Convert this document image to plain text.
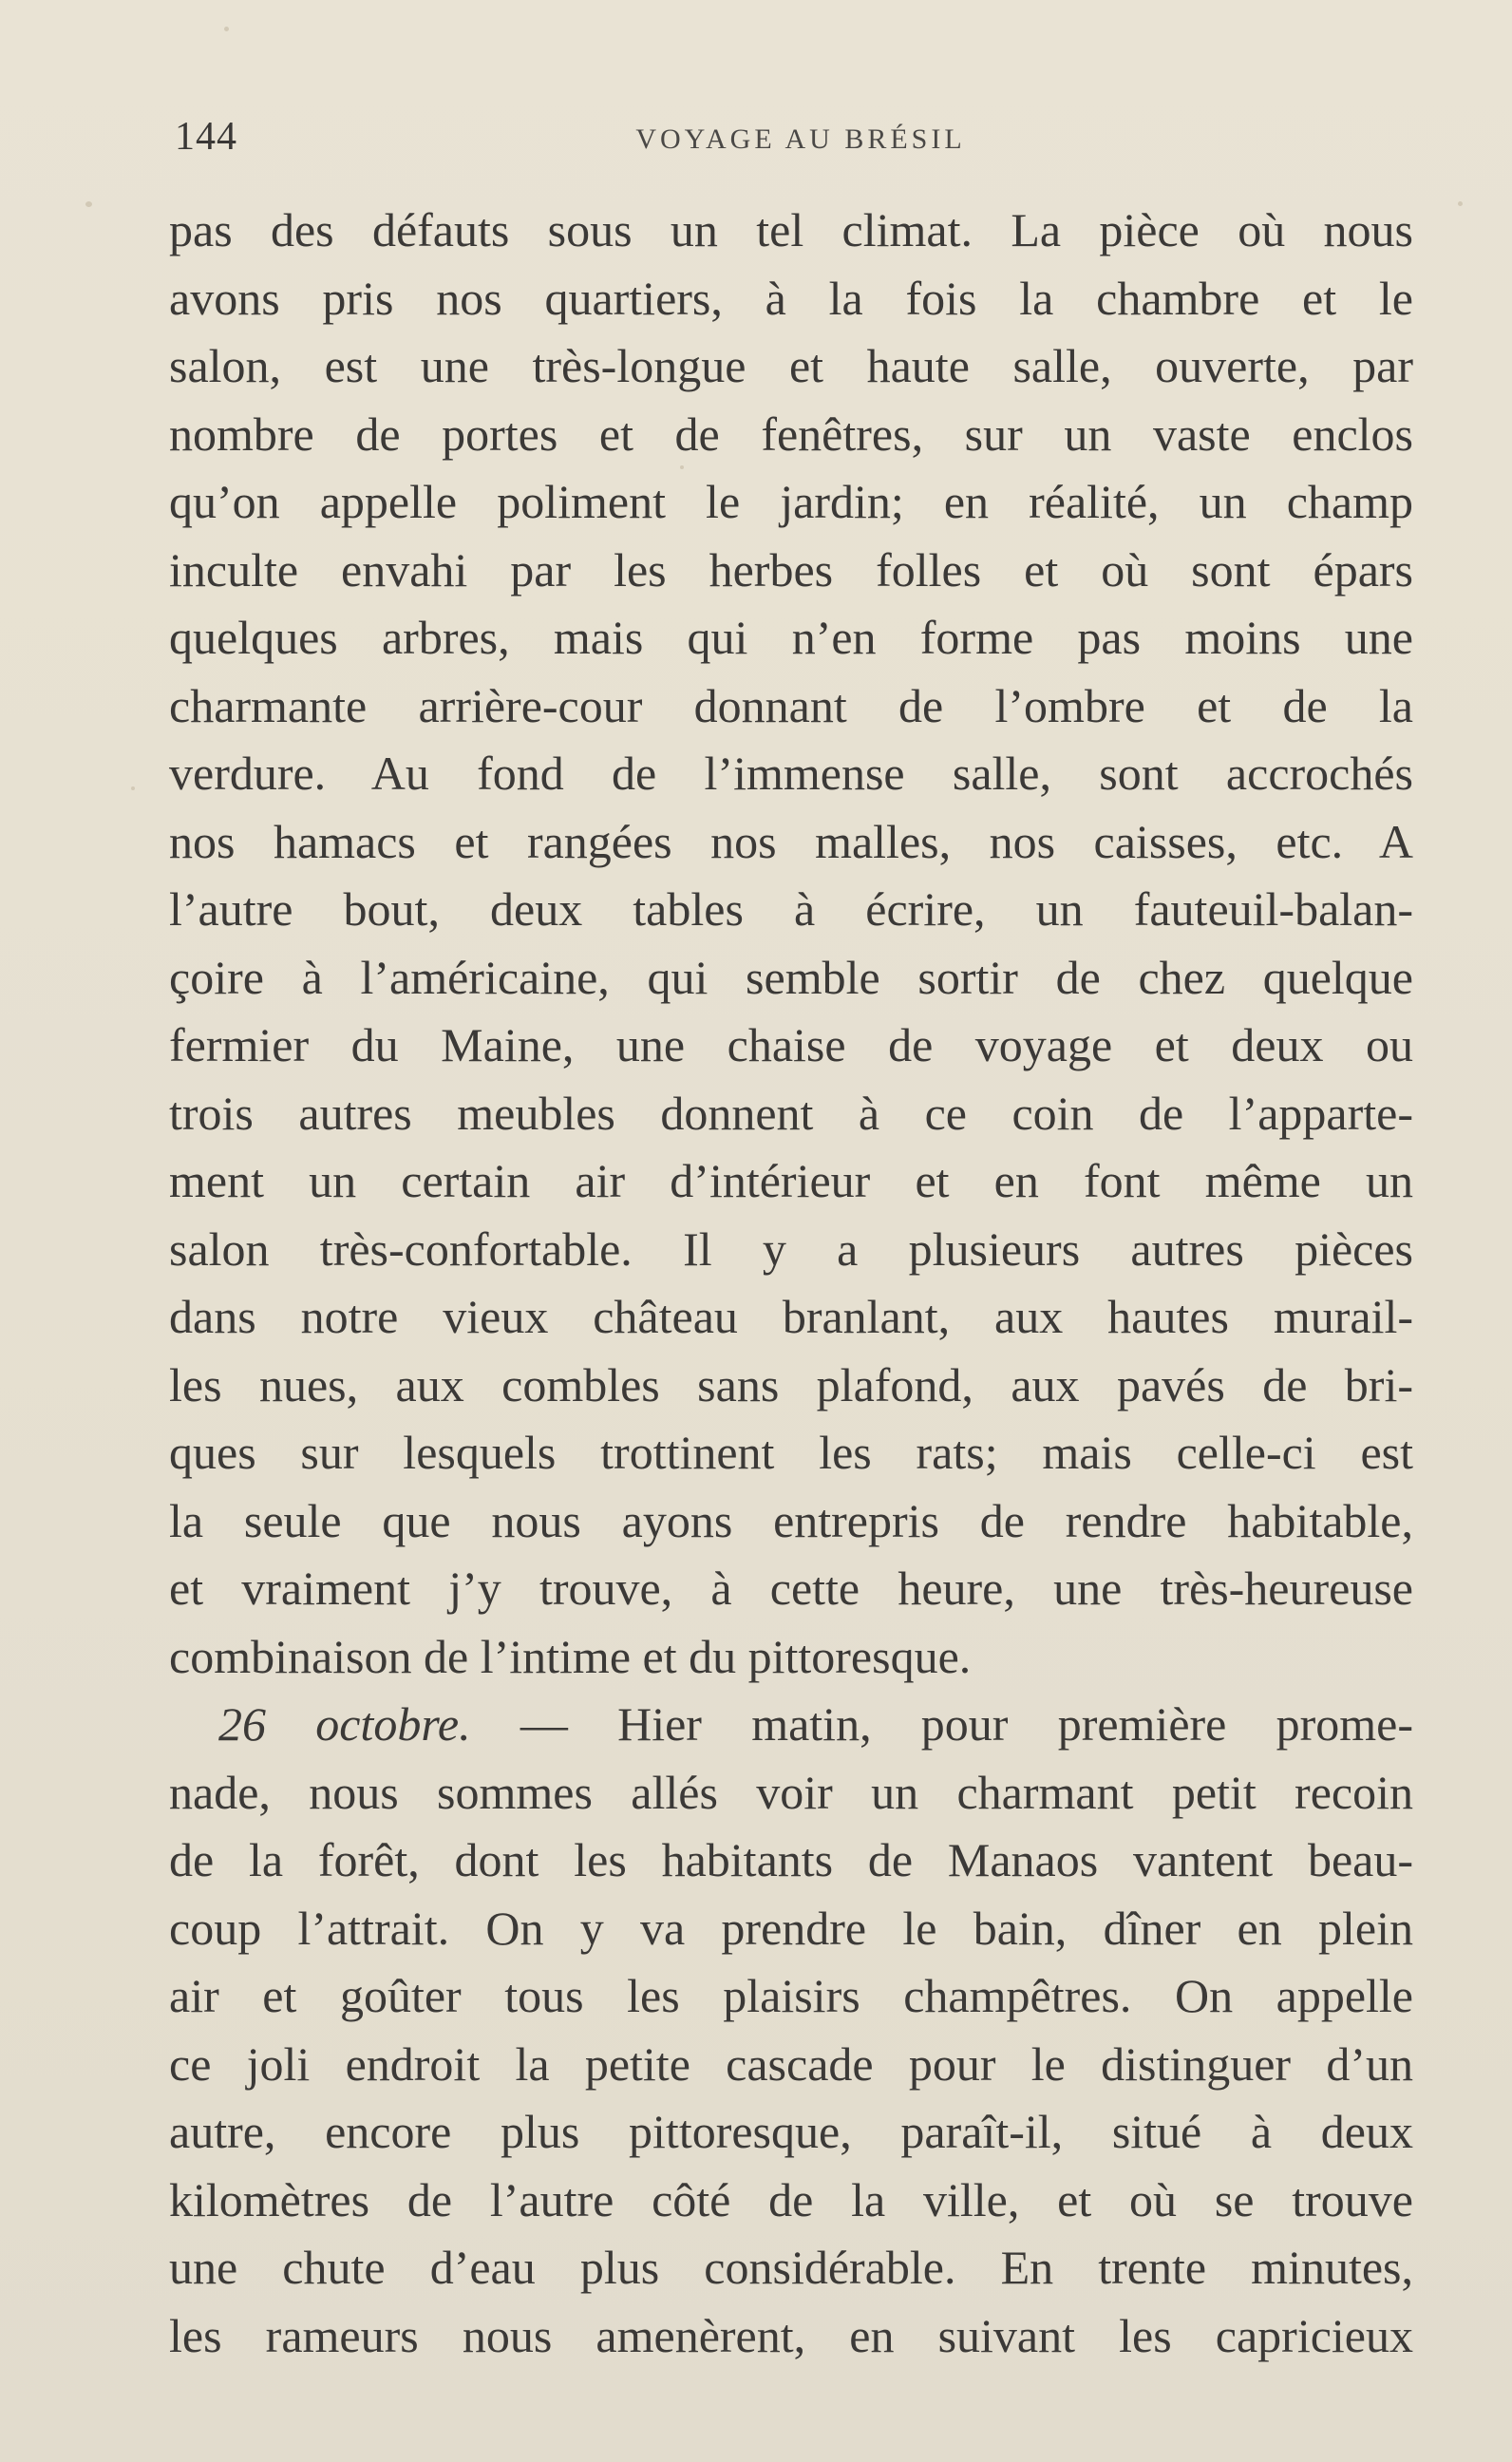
144	VOYAGE AU BRÉSIL
pas des défauts sous un tel climat. La pièce où nous
avons pris nos quartiers, à la fois la chambre et le
salon, est une très-longue et haute salle, ouverte, par
nombre de portes et de fenêtres, sur un vaste enclos
qu’on appelle poliment le jardin; en réalité, un champ
inculte envahi par les herbes folles et où sont épars
quelques arbres, mais qui n’en forme pas moins une
charmante arrière-cour donnant de l’ombre et de la
verdure. Au fond de l’immense salle, sont accrochés
nos hamacs et rangées nos malles, nos caisses, etc. A
l’autre bout, deux tables à écrire, un fauteuil-balan-
çoire à l’américaine, qui semble sortir de chez quelque
fermier du Maine, une chaise de voyage et deux ou
trois autres meubles donnent à ce coin de l’apparte-
ment un certain air d’intérieur et en font même un
salon très-confortable. Il y a plusieurs autres pièces
dans notre vieux château branlant, aux hautes murail-
les nues, aux combles sans plafond, aux pavés de bri-
ques sur lesquels trottinent les rats; mais celle-ci est
la seule que nous ayons entrepris de rendre habitable,
et vraiment j’y trouve, à cette heure, une très-heureuse
combinaison de l’intime et du pittoresque.
26 octobre. — Hier matin, pour première prome-
nade, nous sommes allés voir un charmant petit recoin
de la forêt, dont les habitants de Manaos vantent beau-
coup l’attrait. On y va prendre le bain, dîner en plein
air et goûter tous les plaisirs champêtres. On appelle
ce joli endroit la petite cascade pour le distinguer d’un
autre, encore plus pittoresque, paraît-il, situé à deux
kilomètres de l’autre côté de la ville, et où se trouve
une chute d’eau plus considérable. En trente minutes,
les rameurs nous amenèrent, en suivant les capricieux
